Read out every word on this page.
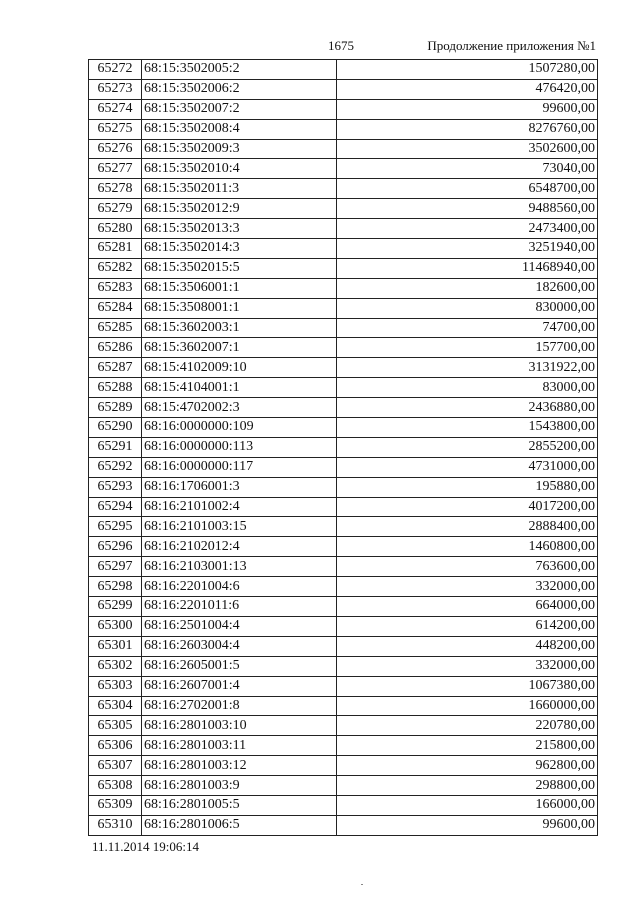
1675	Продолжение приложения №1
65272	68:15:3502005:2	1507280,00
65273	68:15:3502006:2	476420,00
65274	68:15:3502007:2	99600,00
65275	68:15:3502008:4	8276760,00
65276	68:15:3502009:3	3502600,00
65277	68:15:3502010:4	73040,00
65278	68:15:3502011:3	6548700,00
65279	68:15:3502012:9	9488560,00
65280	68:15:3502013:3	2473400,00
65281	68:15:3502014:3	3251940,00
65282	68:15:3502015:5	11468940,00
65283	68:15:3506001:1	182600,00
65284	68:15:3508001:1	830000,00
65285	68:15:3602003:1	74700,00
65286	68:15:3602007:1	157700,00
65287	68:15:4102009:10	3131922,00
65288	68:15:4104001:1	83000,00
65289	68:15:4702002:3	2436880,00
65290	68:16:0000000:109	1543800,00
65291	68:16:0000000:113	2855200,00
65292	68:16:0000000:117	4731000,00
65293	68:16:1706001:3	195880,00
65294	68:16:2101002:4	4017200,00
65295	68:16:2101003:15	2888400,00
65296	68:16:2102012:4	1460800,00
65297	68:16:2103001:13	763600,00
65298	68:16:2201004:6	332000,00
65299	68:16:2201011:6	664000,00
65300	68:16:2501004:4	614200,00
65301	68:16:2603004:4	448200,00
65302	68:16:2605001:5	332000,00
65303	68:16:2607001:4	1067380,00
65304	68:16:2702001:8	1660000,00
65305	68:16:2801003:10	220780,00
65306	68:16:2801003:11	215800,00
65307	68:16:2801003:12	962800,00
65308	68:16:2801003:9	298800,00
65309	68:16:2801005:5	166000,00
65310	68:16:2801006:5	99600,00
11.11.2014 19:06:14
